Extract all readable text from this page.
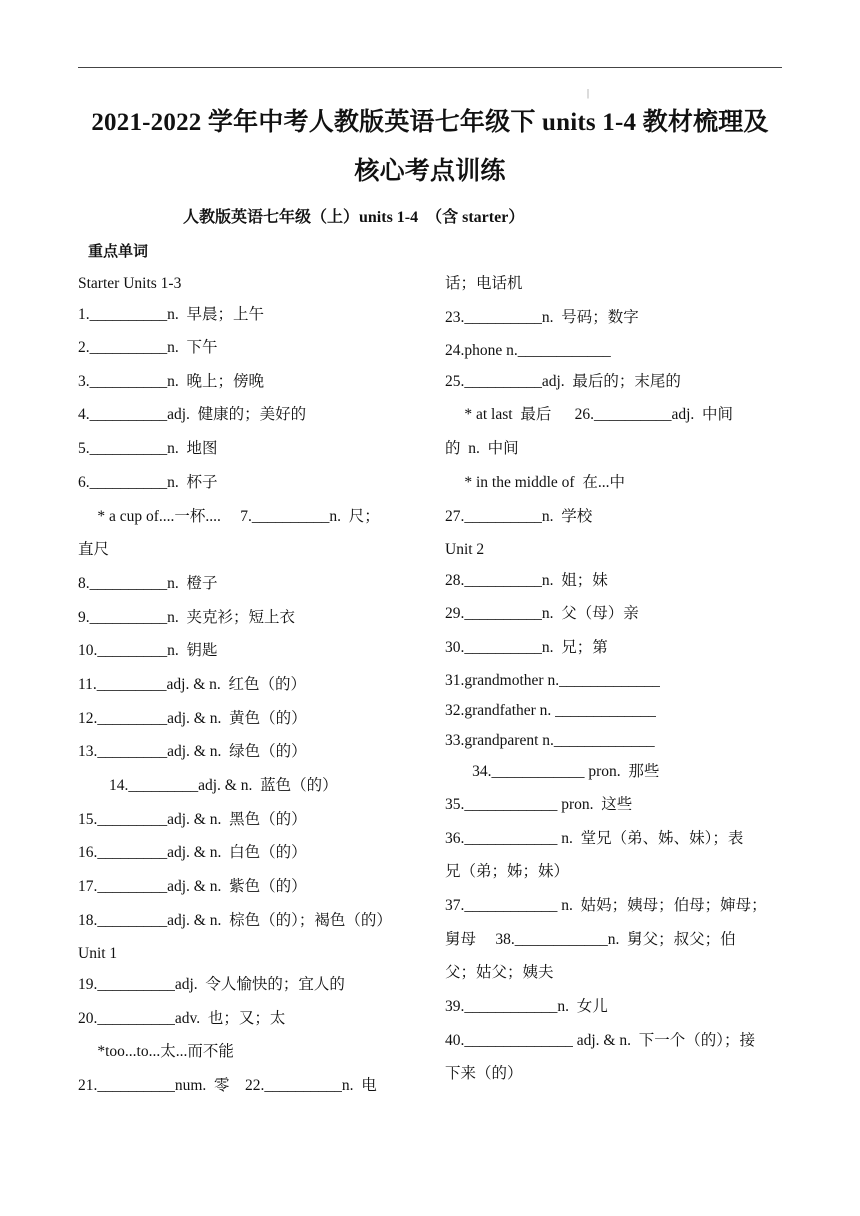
|
2021-2022 学年中考人教版英语七年级下 units 1-4 教材梳理及
核心考点训练
人教版英语七年级（上）units 1-4  （含 starter）
重点单词
Starter Units 1-3
1.__________n.  早晨；上午
2.__________n.  下午
3.__________n.  晚上；傍晚
4.__________adj.  健康的；美好的
5.__________n.  地图
6.__________n.  杯子
* a cup of....一杯....     7.__________n.  尺；
直尺
8.__________n.  橙子
9.__________n.  夹克衫；短上衣
10._________n.  钥匙
11._________adj. & n.  红色（的）
12._________adj. & n.  黄色（的）
13._________adj. & n.  绿色（的）
14._________adj. & n.  蓝色（的）
15._________adj. & n.  黑色（的）
16._________adj. & n.  白色（的）
17._________adj. & n.  紫色（的）
18._________adj. & n.  棕色（的）；褐色（的）
Unit 1
19.__________adj.  令人愉快的；宜人的
20.__________adv.  也；又；太
*too...to...太...而不能
21.__________num.  零    22.__________n.  电
话；电话机
23.__________n.  号码；数字
24.phone n.____________
25.__________adj.  最后的；末尾的
* at last  最后      26.__________adj.  中间
的  n.  中间
* in the middle of  在...中
27.__________n.  学校
Unit 2
28.__________n.  姐；妹
29.__________n.  父（母）亲
30.__________n.  兄；第
31.grandmother n._____________
32.grandfather n. _____________
33.grandparent n._____________
34.____________ pron.  那些
35.____________ pron.  这些
36.____________ n.  堂兄（弟、姊、妹）；表
兄（弟；姊；妹）
37.____________ n.  姑妈；姨母；伯母；婶母；
舅母     38.____________n.  舅父；叔父；伯
父；姑父；姨夫
39.____________n.  女儿
40.______________ adj. & n.  下一个（的）；接
下来（的）
